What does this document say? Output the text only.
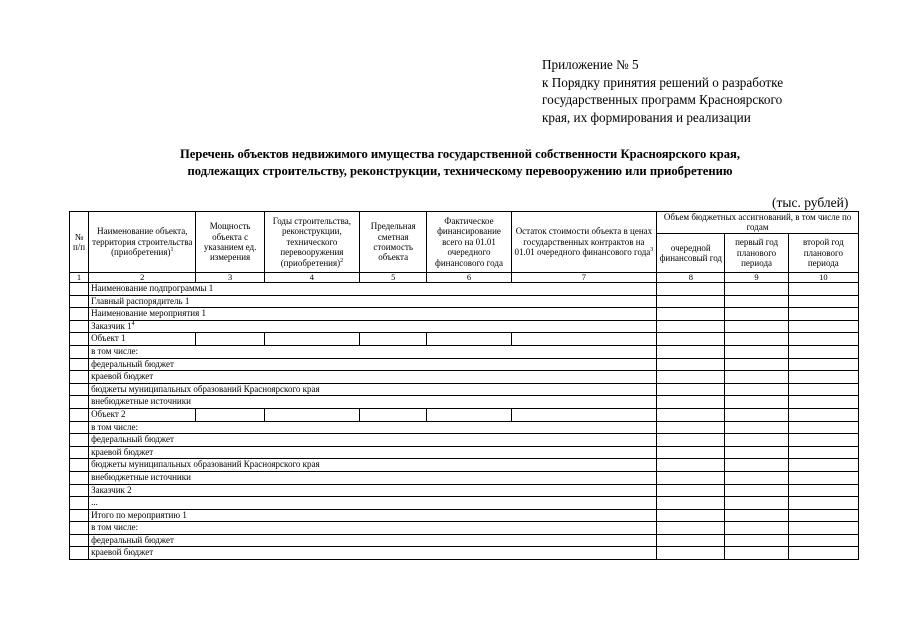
Приложение № 5
к Порядку принятия решений о разработке
государственных программ Красноярского
края, их формирования и реализации
Перечень объектов недвижимого имущества государственной собственности Красноярского края,
подлежащих строительству, реконструкции, техническому перевооружению или приобретению
(тыс. рублей)
№ п/п	Наименование объекта, территория строительства (приобретения)$^1$	Мощность объекта с указанием ед. измерения	Годы строительства, реконструкции, технического перевооружения (приобретения)$^2$	Предельная сметная стоимость объекта	Фактическое финансирование всего на 01.01 очередного финансового года	Остаток стоимости объекта в ценах государственных контрактов на 01.01 очередного финансового года$^3$	Объем бюджетных ассигнований, в том числе по годам		
							очередной финансовый год	первый год планового периода	второй год планового периода
1	2	3	4	5	6	7	8	9	10
	Наименование подпрограммы 1								
	Главный распорядитель 1								
	Наименование мероприятия 1								
	Заказчик $1^4$			
	Объект 1								
	в том числе:								
	федеральный бюджет								
	краевой бюджет								
	бюджеты муниципальных образований Красноярского края								
	внебюджетные источники								
	Объект 2								
	в том числе:								
	федеральный бюджет								
	краевой бюджет								
	бюджеты муниципальных образований Красноярского края								
	внебюджетные источники								
	Заказчик 2								
	...								
	Итого по мероприятию 1								
	в том числе:								
	федеральный бюджет								
	краевой бюджет								
